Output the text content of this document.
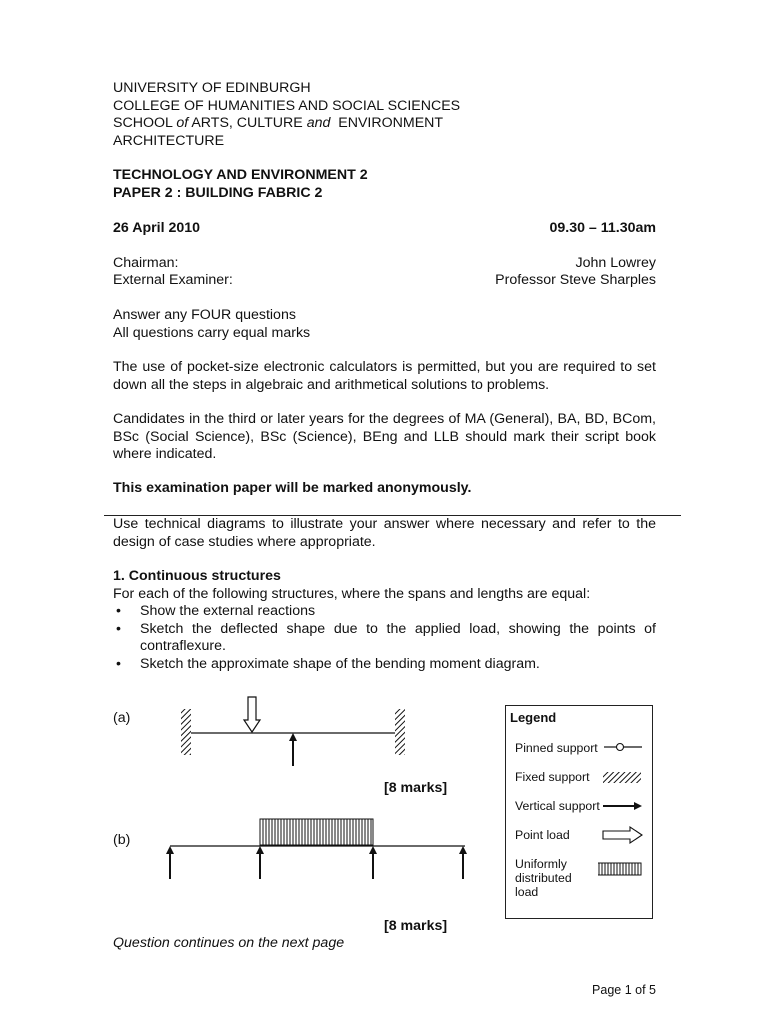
UNIVERSITY OF EDINBURGH
COLLEGE OF HUMANITIES AND SOCIAL SCIENCES
SCHOOL of ARTS, CULTURE and  ENVIRONMENT
ARCHITECTURE
TECHNOLOGY AND ENVIRONMENT 2
PAPER 2 : BUILDING FABRIC 2
26 April 2010	09.30 – 11.30am
Chairman:	John Lowrey
External Examiner:	Professor Steve Sharples
Answer any FOUR questions
All questions carry equal marks
The use of pocket-size electronic calculators is permitted, but you are required to set down all the steps in algebraic and arithmetical solutions to problems.
Candidates in the third or later years for the degrees of MA (General), BA, BD, BCom, BSc (Social Science), BSc (Science), BEng and LLB should mark their script book where indicated.
This examination paper will be marked anonymously.
Use technical diagrams to illustrate your answer where necessary and refer to the design of case studies where appropriate.
1. Continuous structures
For each of the following structures, where the spans and lengths are equal:
• Show the external reactions
• Sketch the deflected shape due to the applied load, showing the points of contraflexure.
• Sketch the approximate shape of the bending moment diagram.
(a)
(b)
[8 marks]
[8 marks]
Question continues on the next page
Legend
Pinned support
Fixed support
Vertical support
Point load
Uniformly
distributed
load
Page 1 of 5
